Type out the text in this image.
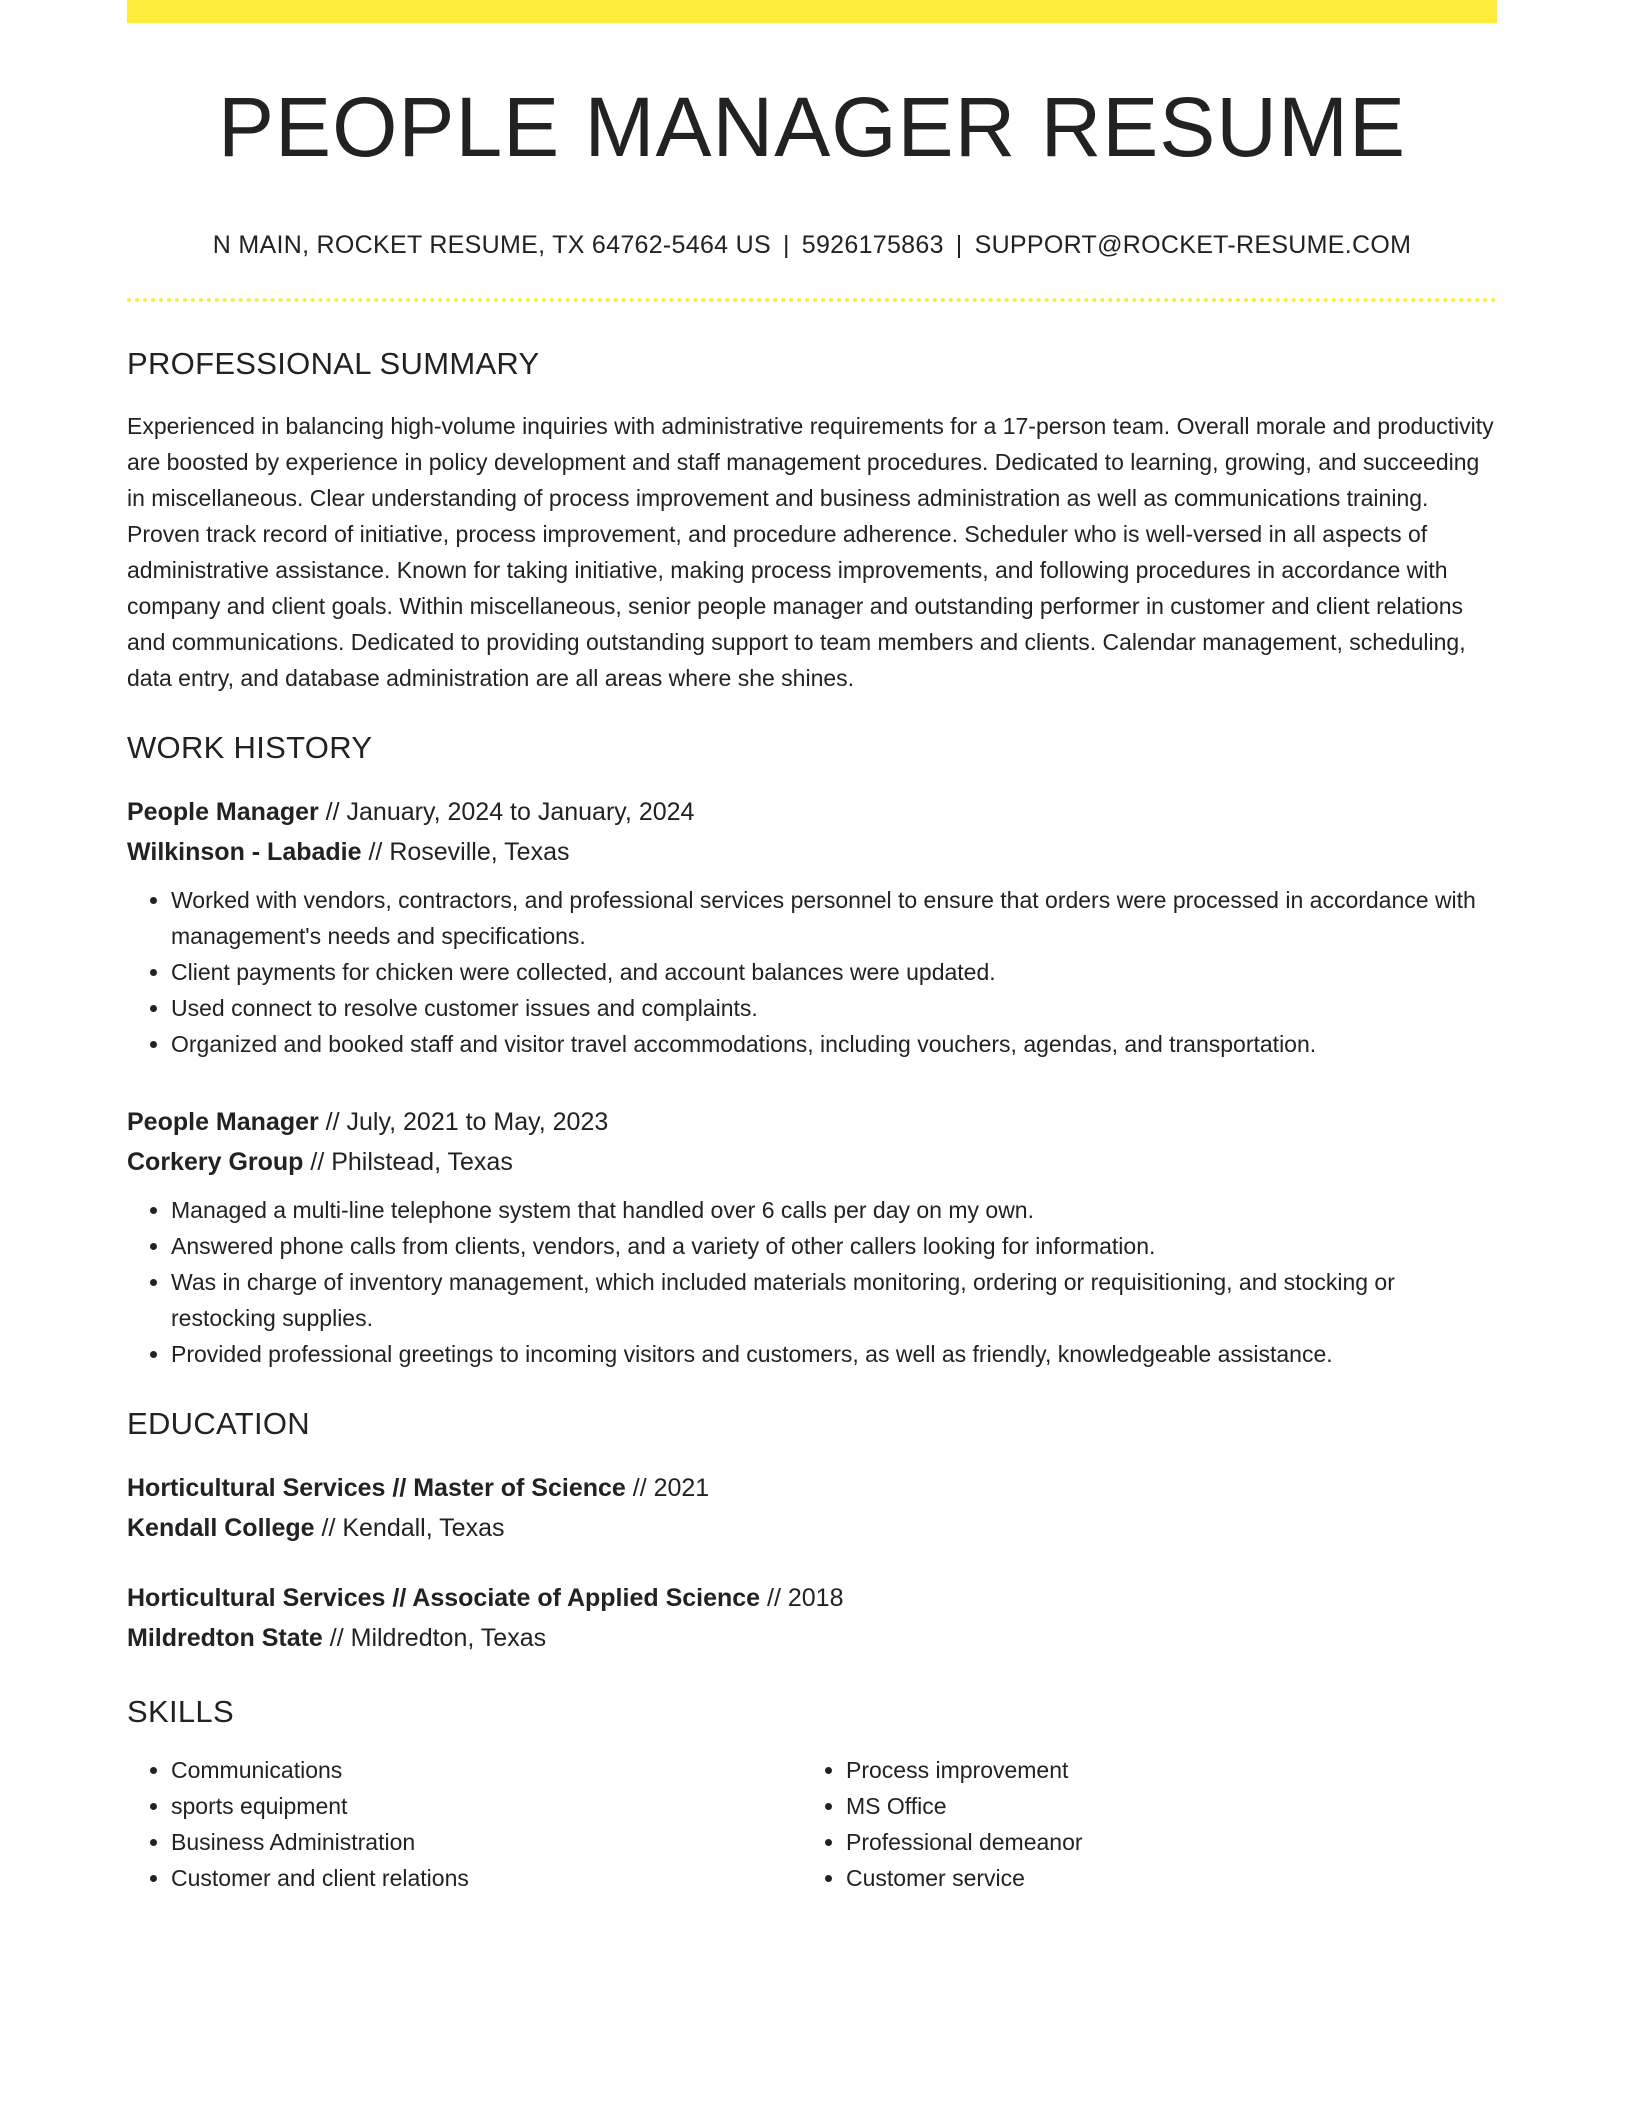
PEOPLE MANAGER RESUME
N MAIN, ROCKET RESUME, TX 64762-5464 US | 5926175863 | SUPPORT@ROCKET-RESUME.COM
PROFESSIONAL SUMMARY
Experienced in balancing high-volume inquiries with administrative requirements for a 17-person team. Overall morale and productivity are boosted by experience in policy development and staff management procedures. Dedicated to learning, growing, and succeeding in miscellaneous. Clear understanding of process improvement and business administration as well as communications training. Proven track record of initiative, process improvement, and procedure adherence. Scheduler who is well-versed in all aspects of administrative assistance. Known for taking initiative, making process improvements, and following procedures in accordance with company and client goals. Within miscellaneous, senior people manager and outstanding performer in customer and client relations and communications. Dedicated to providing outstanding support to team members and clients. Calendar management, scheduling, data entry, and database administration are all areas where she shines.
WORK HISTORY
People Manager // January, 2024 to January, 2024
Wilkinson - Labadie // Roseville, Texas
• Worked with vendors, contractors, and professional services personnel to ensure that orders were processed in accordance with management's needs and specifications.
• Client payments for chicken were collected, and account balances were updated.
• Used connect to resolve customer issues and complaints.
• Organized and booked staff and visitor travel accommodations, including vouchers, agendas, and transportation.
People Manager // July, 2021 to May, 2023
Corkery Group // Philstead, Texas
• Managed a multi-line telephone system that handled over 6 calls per day on my own.
• Answered phone calls from clients, vendors, and a variety of other callers looking for information.
• Was in charge of inventory management, which included materials monitoring, ordering or requisitioning, and stocking or restocking supplies.
• Provided professional greetings to incoming visitors and customers, as well as friendly, knowledgeable assistance.
EDUCATION
Horticultural Services // Master of Science // 2021
Kendall College // Kendall, Texas
Horticultural Services // Associate of Applied Science // 2018
Mildredton State // Mildredton, Texas
SKILLS
• Communications
• sports equipment
• Business Administration
• Customer and client relations
• Process improvement
• MS Office
• Professional demeanor
• Customer service
